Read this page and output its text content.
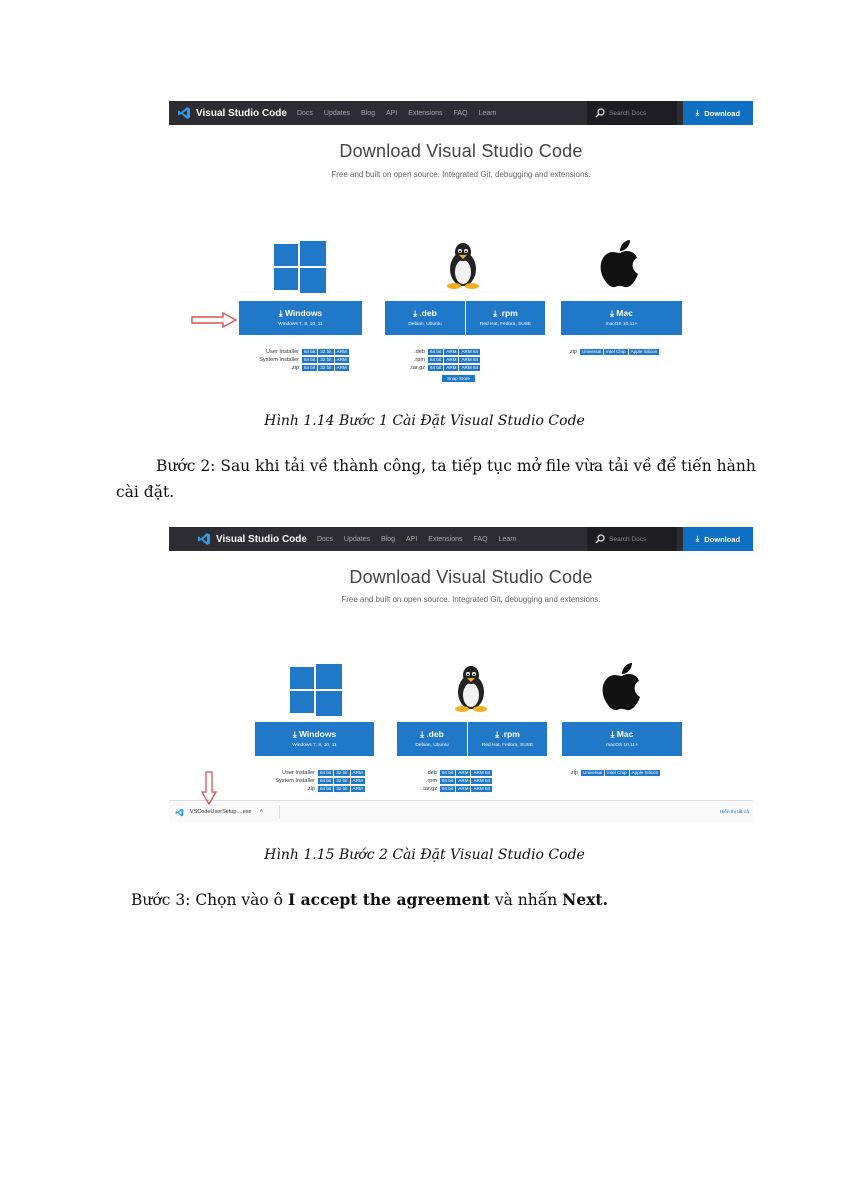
Visual Studio Code Docs Updates Blog API Extensions FAQ Learn	Search Docs	⤓ Download
Download Visual Studio Code
Free and built on open source. Integrated Git, debugging and extensions.
⤓ Windows
Windows 7, 8, 10, 11
User Installer	64 bit	32 bit	ARM
System Installer	64 bit	32 bit	ARM
.zip	64 bit	32 bit	ARM
⤓ .deb
Debian, Ubuntu
⤓ .rpm
Red Hat, Fedora, SUSE
.deb	64 bit	ARM	ARM 64
.rpm	64 bit	ARM	ARM 64
.tar.gz	64 bit	ARM	ARM 64
Snap Store
⤓ Mac
macOS 10.11+
.zip	Universal	Intel Chip	Apple Silicon
Hình 1.14 Bước 1 Cài Đặt Visual Studio Code
Bước 2: Sau khi tải về thành công, ta tiếp tục mở file vừa tải về để tiến hành cài đặt.
Visual Studio Code Docs Updates Blog API Extensions FAQ Learn	Search Docs	⤓ Download
Download Visual Studio Code
Free and built on open source. Integrated Git, debugging and extensions.
⤓ Windows
Windows 7, 8, 10, 11
User Installer	64 bit	32 bit	ARM
System Installer	64 bit	32 bit	ARM
.zip	64 bit	32 bit	ARM
⤓ .deb
Debian, Ubuntu
⤓ .rpm
Red Hat, Fedora, SUSE
.deb	64 bit	ARM	ARM 64
.rpm	64 bit	ARM	ARM 64
.tar.gz	64 bit	ARM	ARM 64
⤓ Mac
macOS 10.11+
.zip	Universal	Intel Chip	Apple Silicon
VSCodeUserSetup....exe ˄	Hiển thị tất cả
Hình 1.15 Bước 2 Cài Đặt Visual Studio Code
Bước 3: Chọn vào ô I accept the agreement và nhấn Next.
